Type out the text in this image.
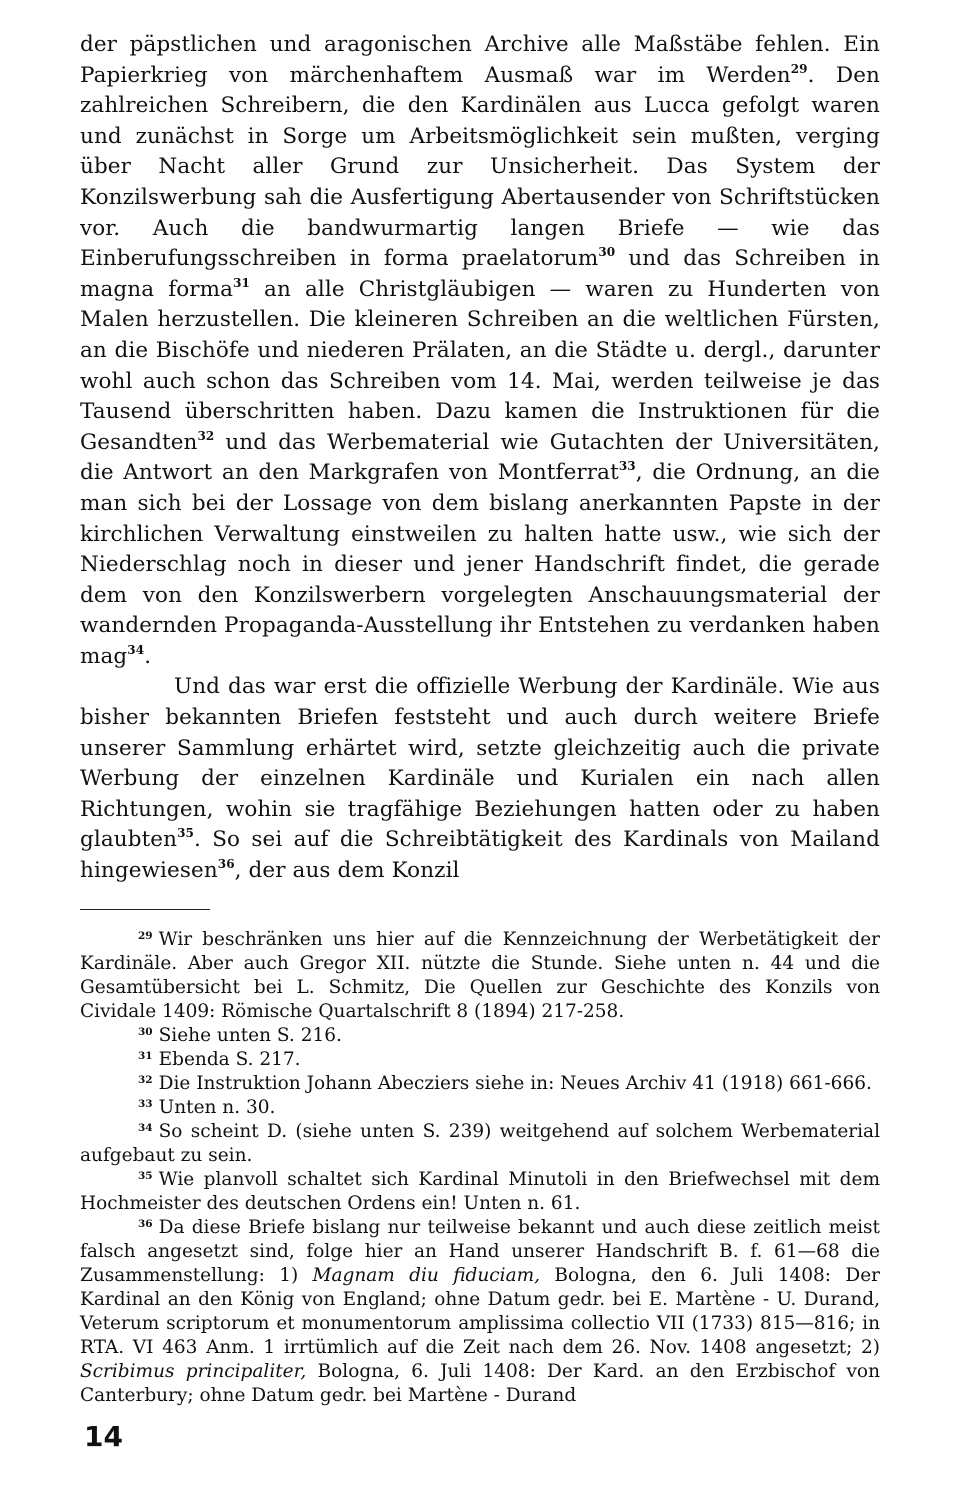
der päpstlichen und aragonischen Archive alle Maßstäbe fehlen. Ein Papierkrieg von märchenhaftem Ausmaß war im Werden$^{29}$. Den zahlreichen Schreibern, die den Kardinälen aus Lucca gefolgt waren und zunächst in Sorge um Arbeitsmöglichkeit sein mußten, verging über Nacht aller Grund zur Unsicherheit. Das System der Konzilswerbung sah die Ausfertigung Abertausender von Schriftstücken vor. Auch die bandwurmartig langen Briefe — wie das Einberufungsschreiben in forma praelatorum$^{30}$ und das Schreiben in magna forma$^{31}$ an alle Christgläubigen — waren zu Hunderten von Malen herzustellen. Die kleineren Schreiben an die weltlichen Fürsten, an die Bischöfe und niederen Prälaten, an die Städte u. dergl., darunter wohl auch schon das Schreiben vom 14. Mai, werden teilweise je das Tausend überschritten haben. Dazu kamen die Instruktionen für die Gesandten$^{32}$ und das Werbematerial wie Gutachten der Universitäten, die Antwort an den Markgrafen von Montferrat$^{33}$, die Ordnung, an die man sich bei der Lossage von dem bislang anerkannten Papste in der kirchlichen Verwaltung einstweilen zu halten hatte usw., wie sich der Niederschlag noch in dieser und jener Handschrift findet, die gerade dem von den Konzilswerbern vorgelegten Anschauungsmaterial der wandernden Propaganda-Ausstellung ihr Entstehen zu verdanken haben mag$^{34}$.

Und das war erst die offizielle Werbung der Kardinäle. Wie aus bisher bekannten Briefen feststeht und auch durch weitere Briefe unserer Sammlung erhärtet wird, setzte gleichzeitig auch die private Werbung der einzelnen Kardinäle und Kurialen ein nach allen Richtungen, wohin sie tragfähige Beziehungen hatten oder zu haben glaubten$^{35}$. So sei auf die Schreibtätigkeit des Kardinals von Mailand hingewiesen$^{36}$, der aus dem Konzil

$^{29}$ Wir beschränken uns hier auf die Kennzeichnung der Werbetätigkeit der Kardinäle. Aber auch Gregor XII. nützte die Stunde. Siehe unten n. 44 und die Gesamtübersicht bei L. Schmitz, Die Quellen zur Geschichte des Konzils von Cividale 1409: Römische Quartalschrift 8 (1894) 217-258.

$^{30}$ Siehe unten S. 216.

$^{31}$ Ebenda S. 217.

$^{32}$ Die Instruktion Johann Abecziers siehe in: Neues Archiv 41 (1918) 661-666.

$^{33}$ Unten n. 30.

$^{34}$ So scheint D. (siehe unten S. 239) weitgehend auf solchem Werbematerial aufgebaut zu sein.

$^{35}$ Wie planvoll schaltet sich Kardinal Minutoli in den Briefwechsel mit dem Hochmeister des deutschen Ordens ein! Unten n. 61.

$^{36}$ Da diese Briefe bislang nur teilweise bekannt und auch diese zeitlich meist falsch angesetzt sind, folge hier an Hand unserer Handschrift B. f. 61—68 die Zusammenstellung: 1) Magnam diu fiduciam, Bologna, den 6. Juli 1408: Der Kardinal an den König von England; ohne Datum gedr. bei E. Martène - U. Durand, Veterum scriptorum et monumentorum amplissima collectio VII (1733) 815—816; in RTA. VI 463 Anm. 1 irrtümlich auf die Zeit nach dem 26. Nov. 1408 angesetzt; 2) Scribimus principaliter, Bologna, 6. Juli 1408: Der Kard. an den Erzbischof von Canterbury; ohne Datum gedr. bei Martène - Durand

14
